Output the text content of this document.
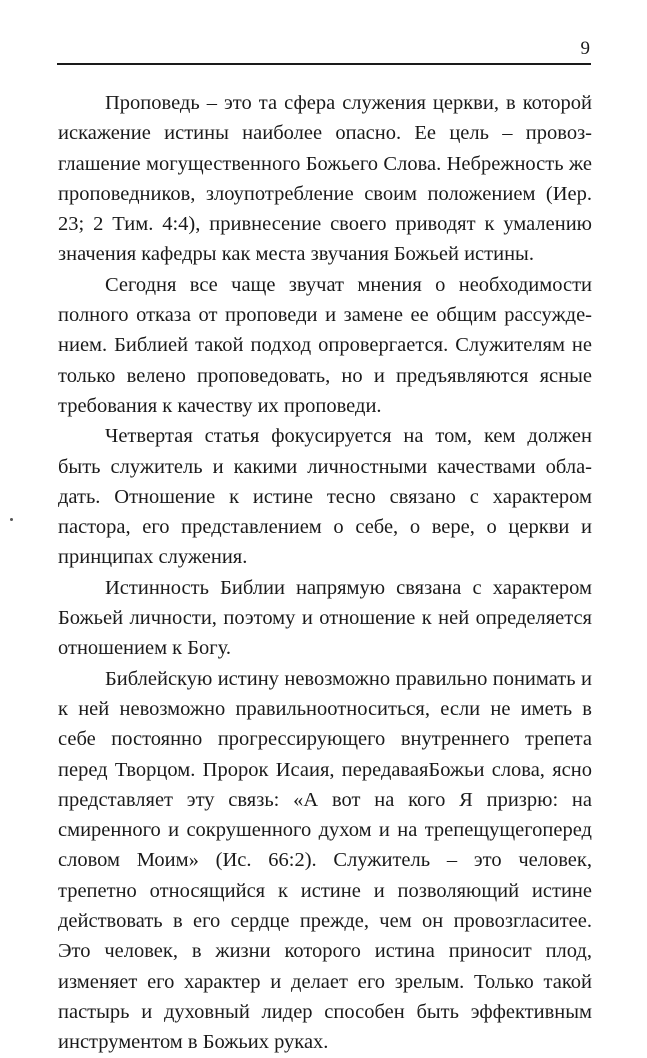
9

Проповедь – это та сфера служения церкви, в которой искажение истины наиболее опасно. Ее цель – провозглашение могущественного Божьего Слова. Небрежность же проповедников, злоупотребление своим положением (Иер. 23; 2 Тим. 4:4), привнесение своего приводят к умалению значения кафедры как места звучания Божьей истины.

Сегодня все чаще звучат мнения о необходимости полного отказа от проповеди и замене ее общим рассуждением. Библией такой подход опровергается. Служителям не только велено проповедовать, но и предъявляются ясные требования к качеству их проповеди.

Четвертая статья фокусируется на том, кем должен быть служитель и какими личностными качествами обладать. Отношение к истине тесно связано с характером пастора, его представлением о себе, о вере, о церкви и принципах служения.

Истинность Библии напрямую связана с характером Божьей личности, поэтому и отношение к ней определяется отношением к Богу.

Библейскую истину невозможно правильно понимать и к ней невозможно правильноотноситься, если не иметь в себе постоянно прогрессирующего внутреннего трепета перед Творцом. Пророк Исаия, передаваяБожьи слова, ясно представляет эту связь: «А вот на кого Я призрю: на смиренного и сокрушенного духом и на трепещущегоперед словом Моим» (Ис. 66:2). Служитель – это человек, трепетно относящийся к истине и позволяющий истине действовать в его сердце прежде, чем он провозгласитее. Это человек, в жизни которого истина приносит плод, изменяет его характер и делает его зрелым. Только такой пастырь и духовный лидер способен быть эффективным инструментом в Божьих руках.
